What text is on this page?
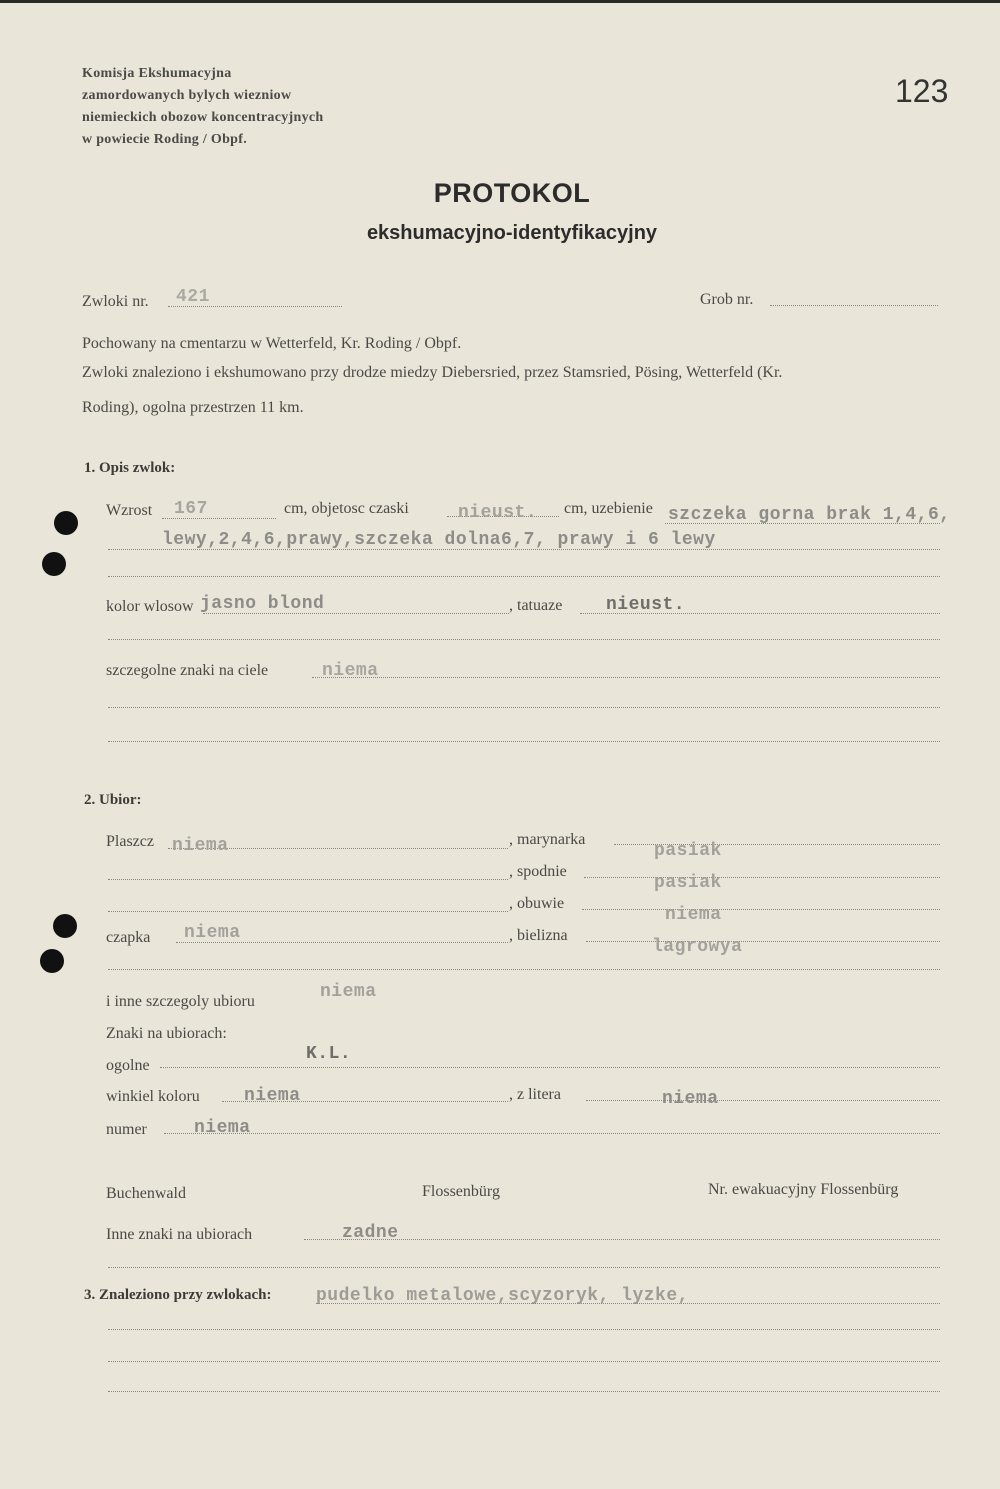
Komisja Ekshumacyjna
zamordowanych bylych wiezniow
niemieckich obozow koncentracyjnych
w powiecie Roding / Obpf.
123
PROTOKOL
ekshumacyjno-identyfikacyjny
Zwloki nr. 421	Grob nr.
Pochowany na cmentarzu w Wetterfeld, Kr. Roding / Obpf.
Zwloki znaleziono i ekshumowano przy drodze miedzy Diebersried, przez Stamsried, Pösing, Wetterfeld (Kr.
Roding), ogolna przestrzen 11 km.
1. Opis zwlok:
Wzrost 167	cm, objetosc czaski	nieust. cm, uzebienie szczeka gorna brak 1,4,6,
lewy,2,4,6,prawy,szczeka dolna6,7, prawy i 6 lewy
kolor wlosow jasno blond	, tatuaze nieust.
szczegolne znaki na ciele	niema
2. Ubior:
Plaszcz niema	, marynarka
pasiak
, spodnie
pasiak
, obuwie
niema
czapka niema	, bielizna
lagrowya
i inne szczegoly ubioru	niema
Znaki na ubiorach:
ogolne
K.L.
winkiel koloru niema	, z litera	niema
numer	niema
Buchenwald	Flossenbürg	Nr. ewakuacyjny Flossenbürg
Inne znaki na ubiorach	zadne
3. Znaleziono przy zwlokach: pudelko metalowe,scyzoryk, lyzke,
